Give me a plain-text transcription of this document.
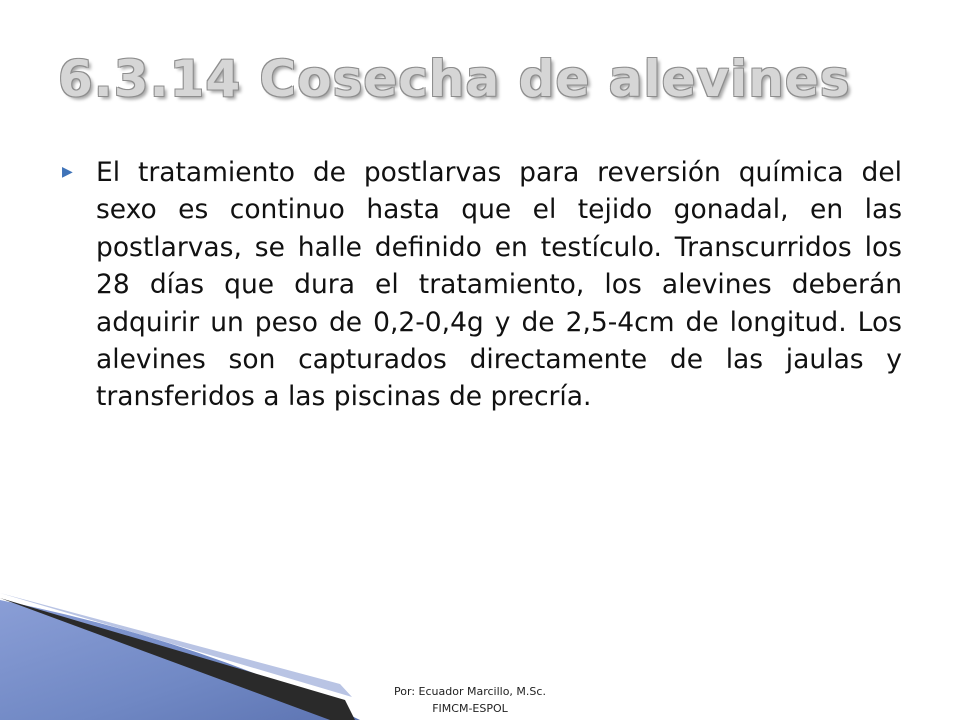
6.3.14 Cosecha de alevines
▶ El tratamiento de postlarvas para reversión química del sexo es continuo hasta que el tejido gonadal, en las postlarvas, se halle definido en testículo. Transcurridos los 28 días que dura el tratamiento, los alevines deberán adquirir un peso de 0,2-0,4g y de 2,5-4cm de longitud. Los alevines son capturados directamente de las jaulas y transferidos a las piscinas de precría.

Por: Ecuador Marcillo, M.Sc.
FIMCM-ESPOL
